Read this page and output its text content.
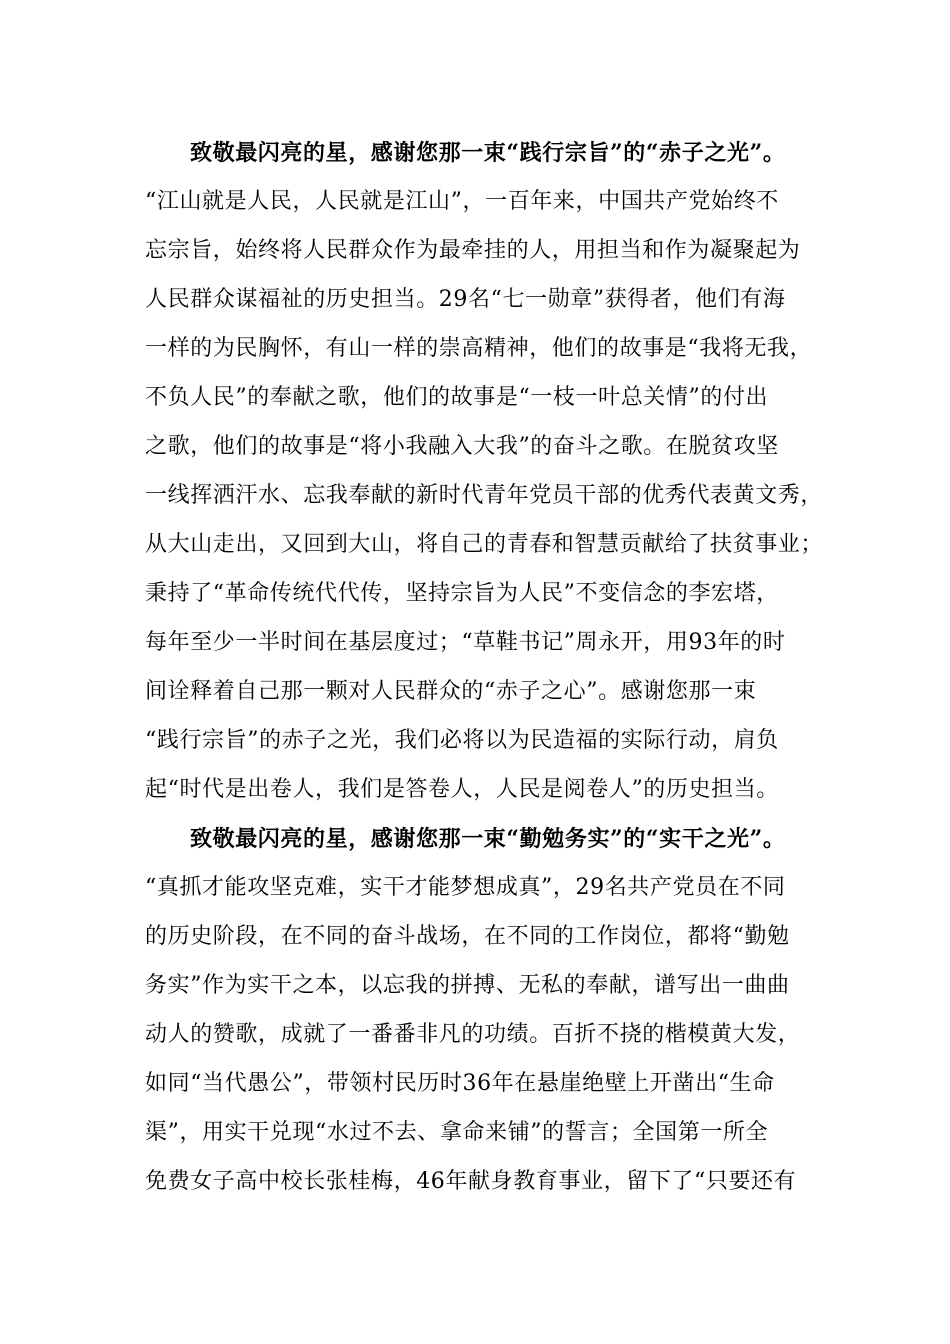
致敬最闪亮的星，感谢您那一束“践行宗旨”的“赤子之光”。
“江山就是人民，人民就是江山”，一百年来，中国共产党始终不
忘宗旨，始终将人民群众作为最牵挂的人，用担当和作为凝聚起为
人民群众谋福祉的历史担当。29名“七一勋章”获得者，他们有海
一样的为民胸怀，有山一样的崇高精神，他们的故事是“我将无我，
不负人民”的奉献之歌，他们的故事是“一枝一叶总关情”的付出
之歌，他们的故事是“将小我融入大我”的奋斗之歌。在脱贫攻坚
一线挥洒汗水、忘我奉献的新时代青年党员干部的优秀代表黄文秀，
从大山走出，又回到大山，将自己的青春和智慧贡献给了扶贫事业；
秉持了“革命传统代代传，坚持宗旨为人民”不变信念的李宏塔，
每年至少一半时间在基层度过；“草鞋书记”周永开，用93年的时
间诠释着自己那一颗对人民群众的“赤子之心”。感谢您那一束
“践行宗旨”的赤子之光，我们必将以为民造福的实际行动，肩负
起“时代是出卷人，我们是答卷人，人民是阅卷人”的历史担当。
致敬最闪亮的星，感谢您那一束“勤勉务实”的“实干之光”。
“真抓才能攻坚克难，实干才能梦想成真”，29名共产党员在不同
的历史阶段，在不同的奋斗战场，在不同的工作岗位，都将“勤勉
务实”作为实干之本，以忘我的拼搏、无私的奉献，谱写出一曲曲
动人的赞歌，成就了一番番非凡的功绩。百折不挠的楷模黄大发，
如同“当代愚公”，带领村民历时36年在悬崖绝壁上开凿出“生命
渠”，用实干兑现“水过不去、拿命来铺”的誓言；全国第一所全
免费女子高中校长张桂梅，46年献身教育事业，留下了“只要还有
